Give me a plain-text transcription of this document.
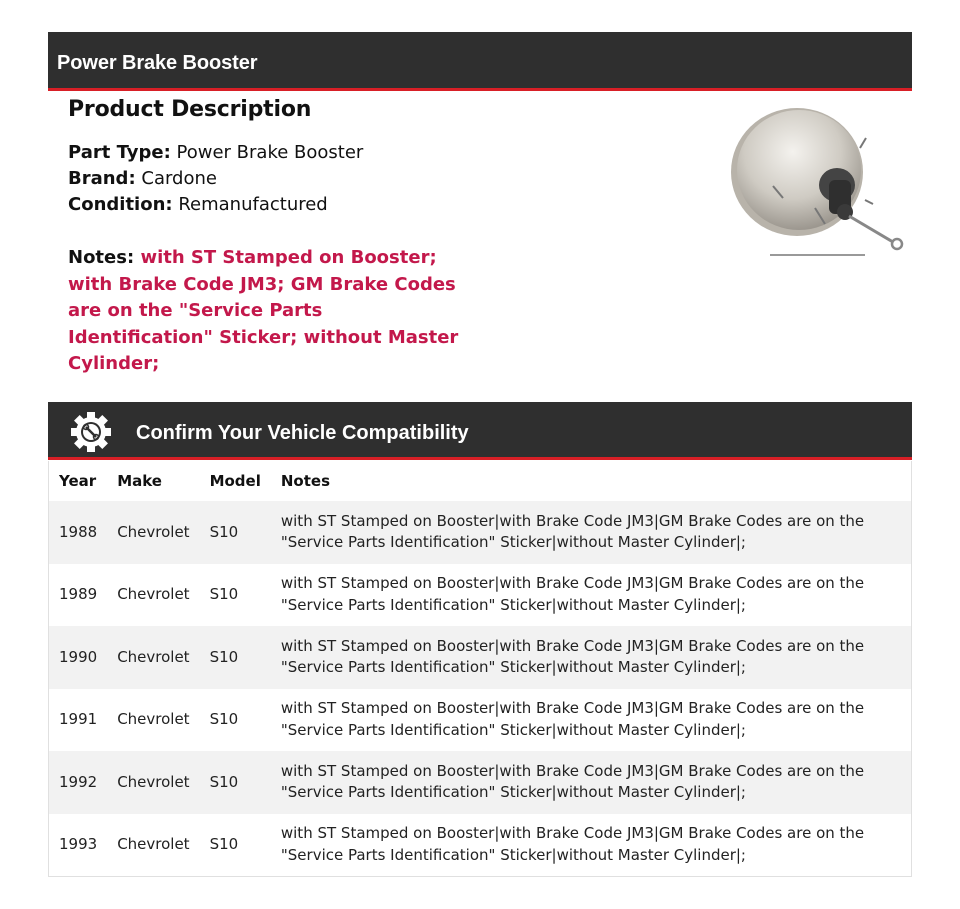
Power Brake Booster
Product Description
Part Type: Power Brake Booster
Brand: Cardone
Condition: Remanufactured
Notes: with ST Stamped on Booster; with Brake Code JM3; GM Brake Codes are on the "Service Parts Identification" Sticker; without Master Cylinder;
Confirm Your Vehicle Compatibility
Year	Make	Model	Notes
1988	Chevrolet	S10	with ST Stamped on Booster|with Brake Code JM3|GM Brake Codes are on the "Service Parts Identification" Sticker|without Master Cylinder|;
1989	Chevrolet	S10	with ST Stamped on Booster|with Brake Code JM3|GM Brake Codes are on the "Service Parts Identification" Sticker|without Master Cylinder|;
1990	Chevrolet	S10	with ST Stamped on Booster|with Brake Code JM3|GM Brake Codes are on the "Service Parts Identification" Sticker|without Master Cylinder|;
1991	Chevrolet	S10	with ST Stamped on Booster|with Brake Code JM3|GM Brake Codes are on the "Service Parts Identification" Sticker|without Master Cylinder|;
1992	Chevrolet	S10	with ST Stamped on Booster|with Brake Code JM3|GM Brake Codes are on the "Service Parts Identification" Sticker|without Master Cylinder|;
1993	Chevrolet	S10	with ST Stamped on Booster|with Brake Code JM3|GM Brake Codes are on the "Service Parts Identification" Sticker|without Master Cylinder|;
